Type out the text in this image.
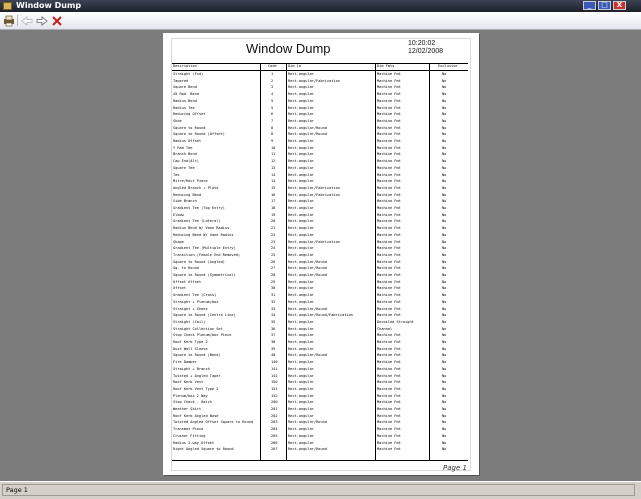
Window Dump	_	□	X
Window Dump	10:20:02
12/02/2008
Description	Code	Dim 1a	Dim Fmts	Exclusive
Straight (Fxd)	1	Rect.angular	Machine Fmt	No
Tapered	2	Rect.angular/Fabrication	Machine Fmt	No
Square Bend	3	Rect.angular	Machine Fmt	No
45 Rad. Bend	4	Rect.angular	Machine Fmt	No
Radius Bend	5	Rect.angular	Machine Fmt	No
Radius Tee	5	Rect.angular	Machine Fmt	No
Reducing Offset	6	Rect.angular	Machine Fmt	No
Shoe	7	Rect.angular	Machine Fmt	No
Square to Round	8	Rect.angular/Round	Machine Fmt	No
Square to Round (Offset)	8	Rect.angular/Round	Machine Fmt	No
Radius Offset	9	Rect.angular	Machine Fmt	No
Y Rad Tee	10	Rect.angular	Machine Fmt	No
Branch Bend	11	Rect.angular	Machine Fmt	No
Cap End(Alt)	12	Rect.angular	Machine Fmt	No
Square Tee	13	Rect.angular	Machine Fmt	No
Tee	14	Rect.angular	Machine Fmt	No
Mitre/Rect Piece	14	Rect.angular	Machine Fmt	No
Angled Branch + Plate	15	Rect.angular/Fabrication	Machine Fmt	No
Reducing Bend	16	Rect.angular/Fabrication	Machine Fmt	No
Side Branch	17	Rect.angular	Machine Fmt	No
Gradient Tee (Top Entry)	18	Rect.angular	Machine Fmt	No
Elbow	19	Rect.angular	Machine Fmt	No
Gradient Tee (Lateral)	20	Rect.angular	Machine Fmt	No
Radius Bend W/ Vane Radius	21	Rect.angular	Machine Fmt	No
Reducing Bend W/ Vane Radius	22	Rect.angular	Machine Fmt	No
Shape	23	Rect.angular/Fabrication	Machine Fmt	No
Gradient Tee (Multiple Entry)	24	Rect.angular	Machine Fmt	No
Transition (Female End Removed)	25	Rect.angular	Machine Fmt	No
Square to Round (Angled)	26	Rect.angular/Round	Machine Fmt	No
Sq. to Round	27	Rect.angular/Round	Machine Fmt	No
Square to Round (Symmetrical)	28	Rect.angular/Round	Machine Fmt	No
Offset Offset	29	Rect.angular	Machine Fmt	No
Offset	30	Rect.angular	Machine Fmt	No
Gradient Tee (Cross)	31	Rect.angular	Machine Fmt	No
Straight + Plenum/box	32	Rect.angular	Machine Fmt	No
Straight + Shoes	33	Rect.angular/Round	Machine Fmt	No
Square to Round (Centre Line)	34	Rect.angular/Round/Fabrication	Machine Fmt	No
Straight (Coil)	35	Rect.angular	Decoiled Straight	No
Straight Collection Set	36	Rect.angular	Channel	No
Stop Check Plenum/box Piece	37	Rect.angular	Machine Fmt	No
Roof Kerb Type 2	38	Rect.angular	Machine Fmt	No
Dust Wall Sleeve	39	Rect.angular	Machine Fmt	No
Square to Round (Bend)	40	Rect.angular/Round	Machine Fmt	No
Fire Damper	140	Rect.angular	Machine Fmt	No
Straight + Branch	141	Rect.angular	Machine Fmt	No
Twisted + Angled Taper	142	Rect.angular	Machine Fmt	No
Roof Kerb Vent	150	Rect.angular	Machine Fmt	No
Roof Kerb Vent Type 2	151	Rect.angular	Machine Fmt	No
Plenum/box 2 Way	152	Rect.angular	Machine Fmt	No
Stop Check - Hatch	200	Rect.angular	Machine Fmt	No
Weather Skirt	201	Rect.angular	Machine Fmt	No
Roof Kerb Angled Base	202	Rect.angular	Machine Fmt	No
Twisted Angled Offset Square to Round	203	Rect.angular/Round	Machine Fmt	No
Transmat Piece	204	Rect.angular	Machine Fmt	No
Crusher Fitting	205	Rect.angular	Machine Fmt	No
Radius 2-way Offset	206	Rect.angular	Machine Fmt	No
Right Angled Square to Round	207	Rect.angular/Round	Machine Fmt	No
Page 1
Page 1
